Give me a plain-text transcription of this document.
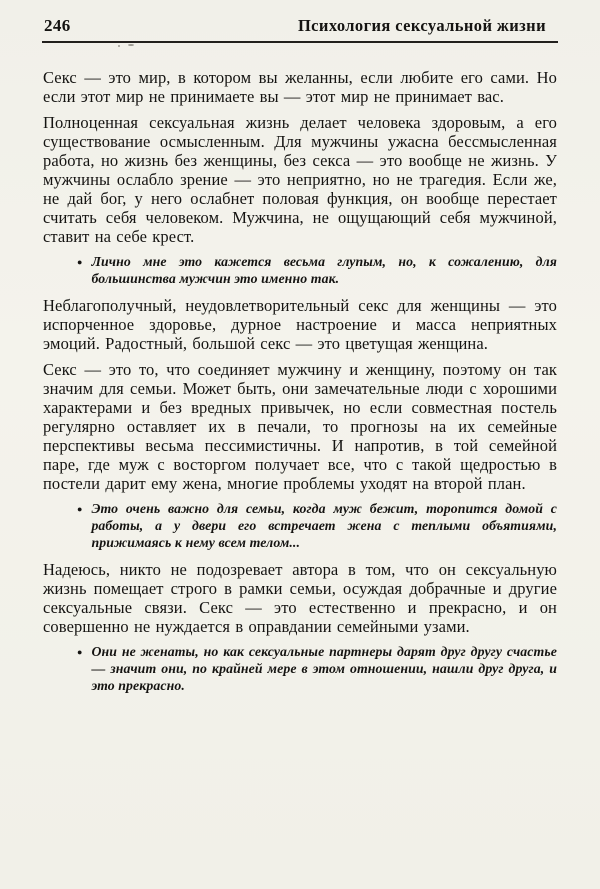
246	Психология сексуальной жизни

Секс — это мир, в котором вы желанны, если любите его сами. Но если этот мир не принимаете вы — этот мир не принимает вас.

Полноценная сексуальная жизнь делает человека здоровым, а его существование осмысленным. Для мужчины ужасна бессмысленная работа, но жизнь без женщины, без секса — это вообще не жизнь. У мужчины ослабло зрение — это неприятно, но не трагедия. Если же, не дай бог, у него ослабнет половая функция, он вообще перестает считать себя человеком. Мужчина, не ощущающий себя мужчиной, ставит на себе крест.

● Лично мне это кажется весьма глупым, но, к сожалению, для большинства мужчин это именно так.

Неблагополучный, неудовлетворительный секс для женщины — это испорченное здоровье, дурное настроение и масса неприятных эмоций. Радостный, большой секс — это цветущая женщина.

Секс — это то, что соединяет мужчину и женщину, поэтому он так значим для семьи. Может быть, они замечательные люди с хорошими характерами и без вредных привычек, но если совместная постель регулярно оставляет их в печали, то прогнозы на их семейные перспективы весьма пессимистичны. И напротив, в той семейной паре, где муж с восторгом получает все, что с такой щедростью в постели дарит ему жена, многие проблемы уходят на второй план.

● Это очень важно для семьи, когда муж бежит, торопится домой с работы, а у двери его встречает жена с теплыми объятиями, прижимаясь к нему всем телом...

Надеюсь, никто не подозревает автора в том, что он сексуальную жизнь помещает строго в рамки семьи, осуждая добрачные и другие сексуальные связи. Секс — это естественно и прекрасно, и он совершенно не нуждается в оправдании семейными узами.

● Они не женаты, но как сексуальные партнеры дарят друг другу счастье — значит они, по крайней мере в этом отношении, нашли друг друга, и это прекрасно.
